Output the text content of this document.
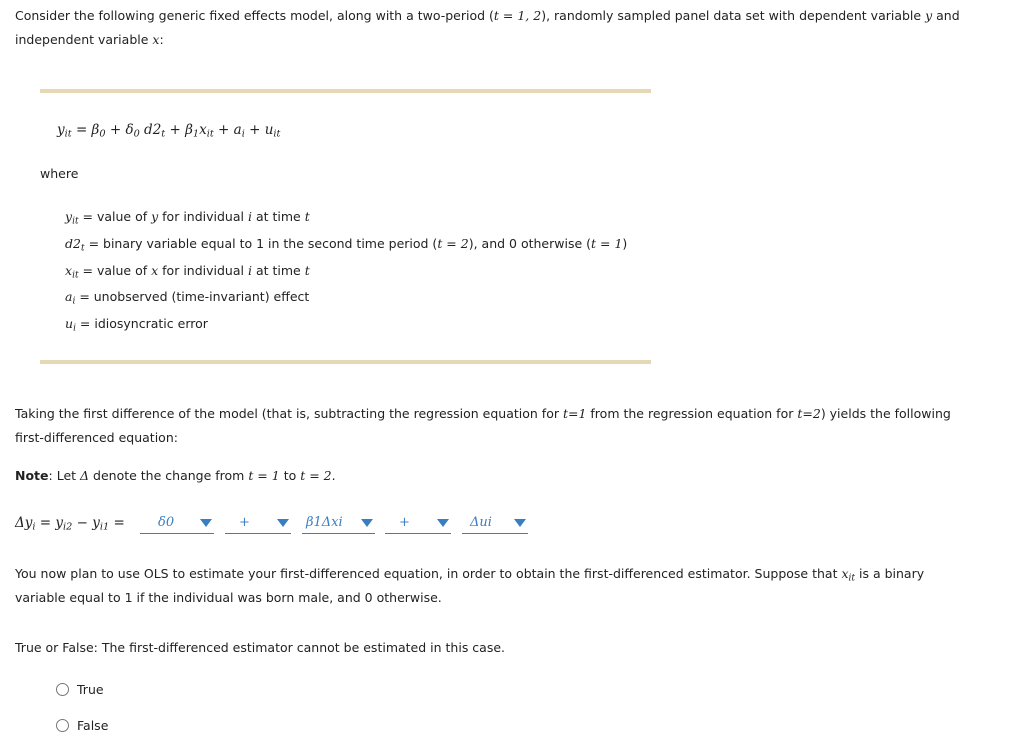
Consider the following generic fixed effects model, along with a two-period (t = 1, 2), randomly sampled panel data set with dependent variable y and
independent variable x:
$y_{it} = \beta_0 + \delta_0$ $d2_t + \beta_1x_{it} + a_i + u_{it}$
where
$y_{it}$ = value of y for individual i at time t
$d2_t$ = binary variable equal to 1 in the second time period (t = 2), and 0 otherwise (t = 1)
$x_{it}$ = value of x for individual i at time t
$a_i$ = unobserved (time-invariant) effect
$u_i$ = idiosyncratic error
Taking the first difference of the model (that is, subtracting the regression equation for t=1 from the regression equation for t=2) yields the following
first-differenced equation:
Note: Let Δ denote the change from t = 1 to t = 2.
$\Delta y_i = y_{i2} - y_{i1}$ =	δ0	+	β1Δxi	+	Δui
You now plan to use OLS to estimate your first-differenced equation, in order to obtain the first-differenced estimator. Suppose that $x_{it}$ is a binary
variable equal to 1 if the individual was born male, and 0 otherwise.
True or False: The first-differenced estimator cannot be estimated in this case.
True
False
